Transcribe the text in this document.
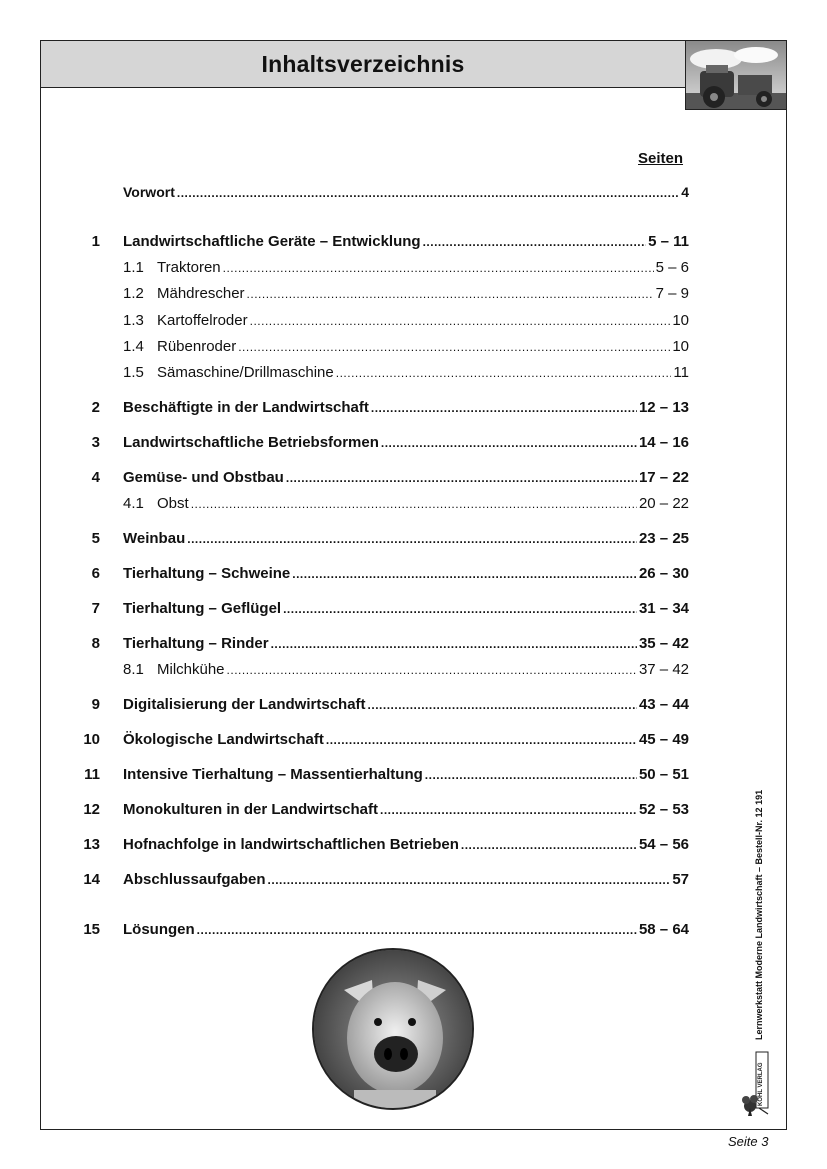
Inhaltsverzeichnis
Seiten
Vorwort .....	4
1 Landwirtschaftliche Geräte – Entwicklung .....	5 – 11
1.1 Traktoren .....	5 – 6
1.2 Mähdrescher .....	7 – 9
1.3 Kartoffelroder .....	10
1.4 Rübenroder .....	10
1.5 Sämaschine/Drillmaschine .....	11
2 Beschäftigte in der Landwirtschaft .....	12 – 13
3 Landwirtschaftliche Betriebsformen .....	14 – 16
4 Gemüse- und Obstbau .....	17 – 22
4.1 Obst .....	20 – 22
5 Weinbau .....	23 – 25
6 Tierhaltung – Schweine .....	26 – 30
7 Tierhaltung – Geflügel .....	31 – 34
8 Tierhaltung – Rinder .....	35 – 42
8.1 Milchkühe .....	37 – 42
9 Digitalisierung der Landwirtschaft .....	43 – 44
10 Ökologische Landwirtschaft .....	45 – 49
11 Intensive Tierhaltung – Massentierhaltung .....	50 – 51
12 Monokulturen in der Landwirtschaft .....	52 – 53
13 Hofnachfolge in landwirtschaftlichen Betrieben .....	54 – 56
14 Abschlussaufgaben .....	57
15 Lösungen .....	58 – 64	Lernwerkstatt Moderne Landwirtschaft – Bestell-Nr. 12 191
KOHL VERLAG
Seite 3
